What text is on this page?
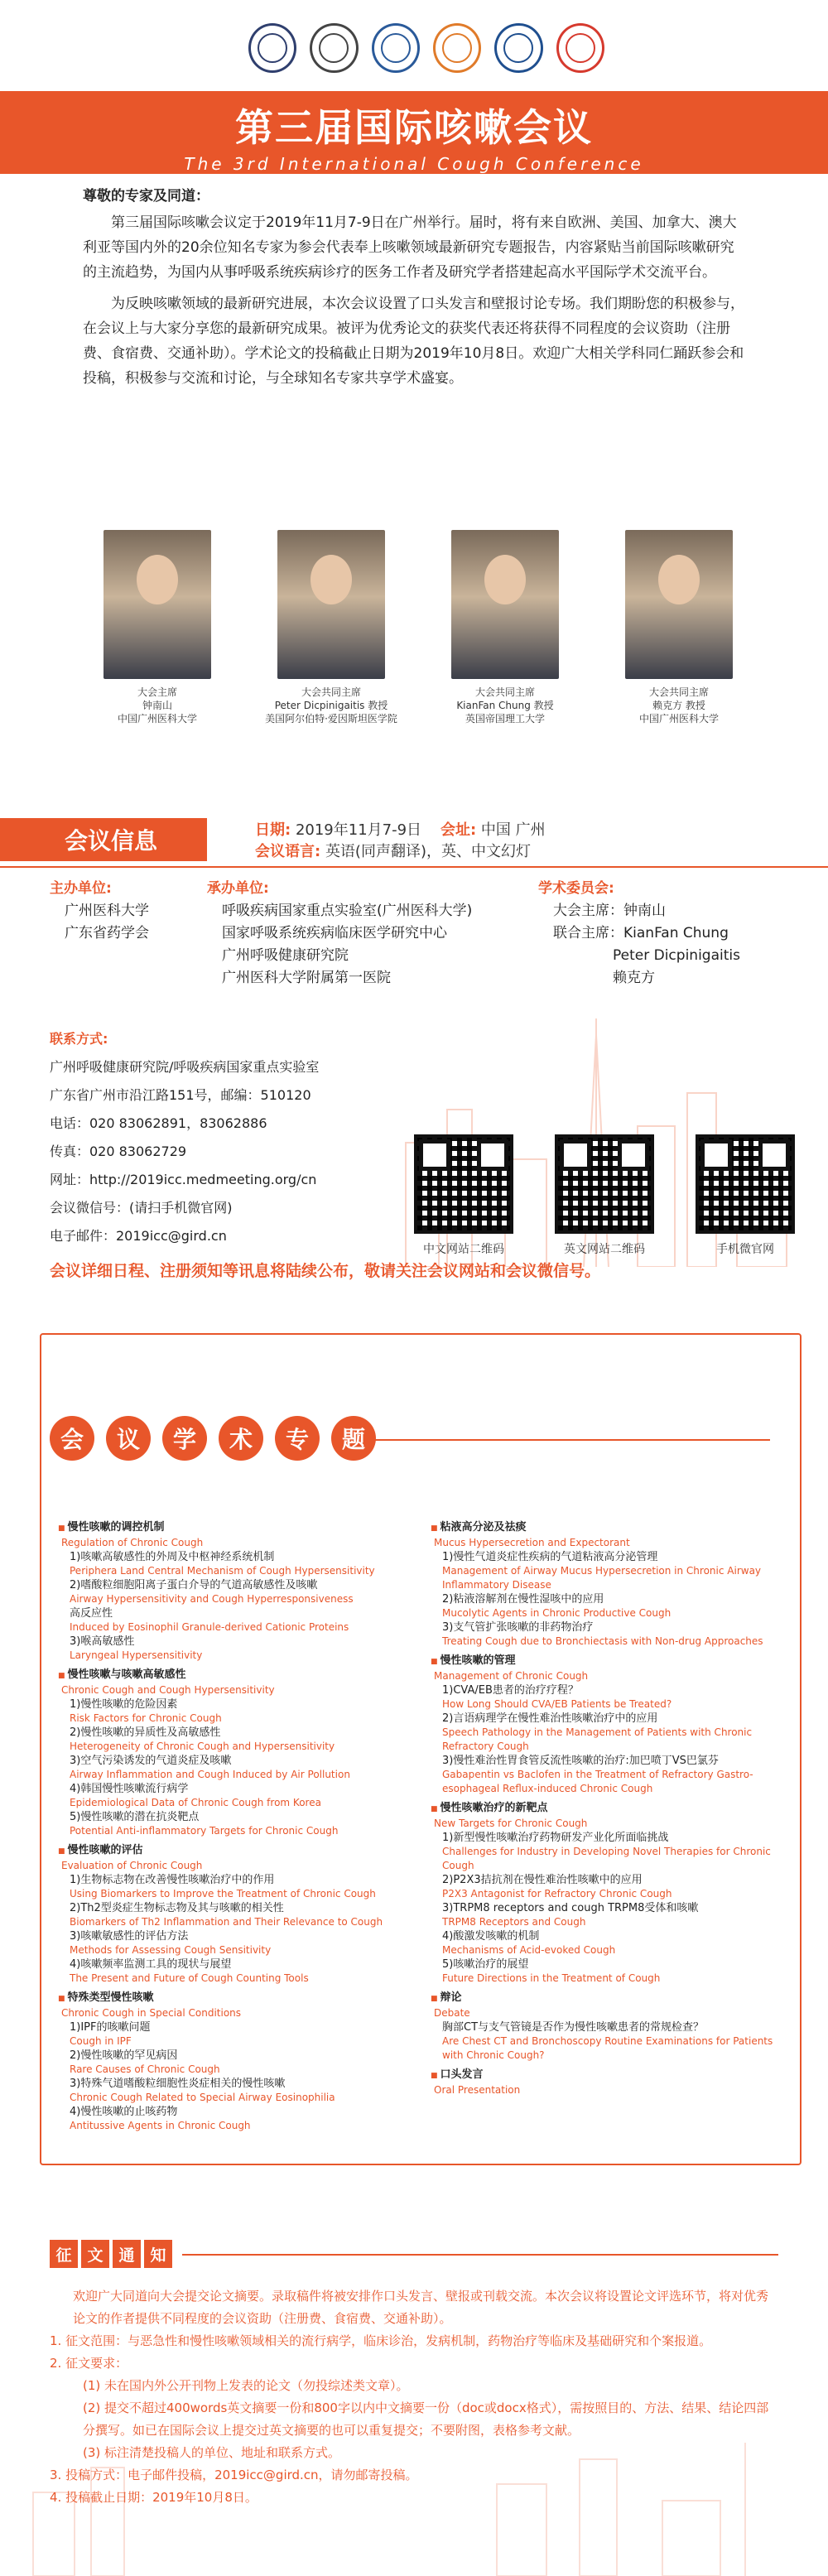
第三届国际咳嗽会议
The 3rd International Cough Conference
尊敬的专家及同道：

第三届国际咳嗽会议定于2019年11月7-9日在广州举行。届时，将有来自欧洲、美国、加拿大、澳大利亚等国内外的20余位知名专家为参会代表奉上咳嗽领域最新研究专题报告，内容紧贴当前国际咳嗽研究的主流趋势，为国内从事呼吸系统疾病诊疗的医务工作者及研究学者搭建起高水平国际学术交流平台。

为反映咳嗽领域的最新研究进展，本次会议设置了口头发言和壁报讨论专场。我们期盼您的积极参与，在会议上与大家分享您的最新研究成果。被评为优秀论文的获奖代表还将获得不同程度的会议资助（注册费、食宿费、交通补助）。学术论文的投稿截止日期为2019年10月8日。欢迎广大相关学科同仁踊跃参会和投稿，积极参与交流和讨论，与全球知名专家共享学术盛宴。

大会主席
钟南山
中国广州医科大学
大会共同主席
Peter Dicpinigaitis 教授
美国阿尔伯特·爱因斯坦医学院
大会共同主席
KianFan Chung 教授
英国帝国理工大学
大会共同主席
赖克方 教授
中国广州医科大学
会议信息	日期: 2019年11月7-9日 会址: 中国 广州
会议语言: 英语(同声翻译)，英、中文幻灯
主办单位:
广州医科大学
广东省药学会
承办单位:
呼吸疾病国家重点实验室(广州医科大学)
国家呼吸系统疾病临床医学研究中心
广州呼吸健康研究院
广州医科大学附属第一医院
学术委员会:
大会主席：钟南山
联合主席：KianFan Chung
Peter Dicpinigaitis
赖克方
联系方式:
广州呼吸健康研究院/呼吸疾病国家重点实验室
广东省广州市沿江路151号，邮编：510120
电话：020 83062891，83062886
传真：020 83062729
网址：http://2019icc.medmeeting.org/cn
会议微信号：(请扫手机微官网)
电子邮件：2019icc@gird.cn
中文网站二维码	英文网站二维码	手机微官网
会议详细日程、注册须知等讯息将陆续公布，敬请关注会议网站和会议微信号。
会	议	学	术	专	题
■ 慢性咳嗽的调控机制
Regulation of Chronic Cough
1)咳嗽高敏感性的外周及中枢神经系统机制
Periphera Land Central Mechanism of Cough Hypersensitivity
2)嗜酸粒细胞阳离子蛋白介导的气道高敏感性及咳嗽
Airway Hypersensitivity and Cough Hyperresponsiveness
高反应性
Induced by Eosinophil Granule-derived Cationic Proteins
3)喉高敏感性
Laryngeal Hypersensitivity
■ 慢性咳嗽与咳嗽高敏感性
Chronic Cough and Cough Hypersensitivity
1)慢性咳嗽的危险因素
Risk Factors for Chronic Cough
2)慢性咳嗽的异质性及高敏感性
Heterogeneity of Chronic Cough and Hypersensitivity
3)空气污染诱发的气道炎症及咳嗽
Airway Inflammation and Cough Induced by Air Pollution
4)韩国慢性咳嗽流行病学
Epidemiological Data of Chronic Cough from Korea
5)慢性咳嗽的潜在抗炎靶点
Potential Anti-inflammatory Targets for Chronic Cough
■ 慢性咳嗽的评估
Evaluation of Chronic Cough
1)生物标志物在改善慢性咳嗽治疗中的作用
Using Biomarkers to Improve the Treatment of Chronic Cough
2)Th2型炎症生物标志物及其与咳嗽的相关性
Biomarkers of Th2 Inflammation and Their Relevance to Cough
3)咳嗽敏感性的评估方法
Methods for Assessing Cough Sensitivity
4)咳嗽频率监测工具的现状与展望
The Present and Future of Cough Counting Tools
■ 特殊类型慢性咳嗽
Chronic Cough in Special Conditions
1)IPF的咳嗽问题
Cough in IPF
2)慢性咳嗽的罕见病因
Rare Causes of Chronic Cough
3)特殊气道嗜酸粒细胞性炎症相关的慢性咳嗽
Chronic Cough Related to Special Airway Eosinophilia
4)慢性咳嗽的止咳药物
Antitussive Agents in Chronic Cough
■ 粘液高分泌及祛痰
Mucus Hypersecretion and Expectorant
1)慢性气道炎症性疾病的气道粘液高分泌管理
Management of Airway Mucus Hypersecretion in Chronic Airway Inflammatory Disease
2)粘液溶解剂在慢性湿咳中的应用
Mucolytic Agents in Chronic Productive Cough
3)支气管扩张咳嗽的非药物治疗
Treating Cough due to Bronchiectasis with Non-drug Approaches
■ 慢性咳嗽的管理
Management of Chronic Cough
1)CVA/EB患者的治疗疗程？
How Long Should CVA/EB Patients be Treated?
2)言语病理学在慢性难治性咳嗽治疗中的应用
Speech Pathology in the Management of Patients with Chronic Refractory Cough
3)慢性难治性胃食管反流性咳嗽的治疗:加巴喷丁VS巴氯芬
Gabapentin vs Baclofen in the Treatment of Refractory Gastro-esophageal Reflux-induced Chronic Cough
■ 慢性咳嗽治疗的新靶点
New Targets for Chronic Cough
1)新型慢性咳嗽治疗药物研发产业化所面临挑战
Challenges for Industry in Developing Novel Therapies for Chronic Cough
2)P2X3拮抗剂在慢性难治性咳嗽中的应用
P2X3 Antagonist for Refractory Chronic Cough
3)TRPM8 receptors and cough TRPM8受体和咳嗽
TRPM8 Receptors and Cough
4)酸激发咳嗽的机制
Mechanisms of Acid-evoked Cough
5)咳嗽治疗的展望
Future Directions in the Treatment of Cough
■ 辩论
Debate
胸部CT与支气管镜是否作为慢性咳嗽患者的常规检查？
Are Chest CT and Bronchoscopy Routine Examinations for Patients with Chronic Cough?
■ 口头发言
Oral Presentation
征 文 通 知
欢迎广大同道向大会提交论文摘要。录取稿件将被安排作口头发言、壁报或刊载交流。本次会议将设置论文评选环节，将对优秀论文的作者提供不同程度的会议资助（注册费、食宿费、交通补助）。
1. 征文范围：与恶急性和慢性咳嗽领域相关的流行病学，临床诊治，发病机制，药物治疗等临床及基础研究和个案报道。
2. 征文要求：
(1) 未在国内外公开刊物上发表的论文（勿投综述类文章）。
(2) 提交不超过400words英文摘要一份和800字以内中文摘要一份（doc或docx格式），需按照目的、方法、结果、结论四部分撰写。如已在国际会议上提交过英文摘要的也可以重复提交；不要附图，表格参考文献。
(3) 标注清楚投稿人的单位、地址和联系方式。
3. 投稿方式：电子邮件投稿，2019icc@gird.cn，请勿邮寄投稿。
4. 投稿截止日期：2019年10月8日。
